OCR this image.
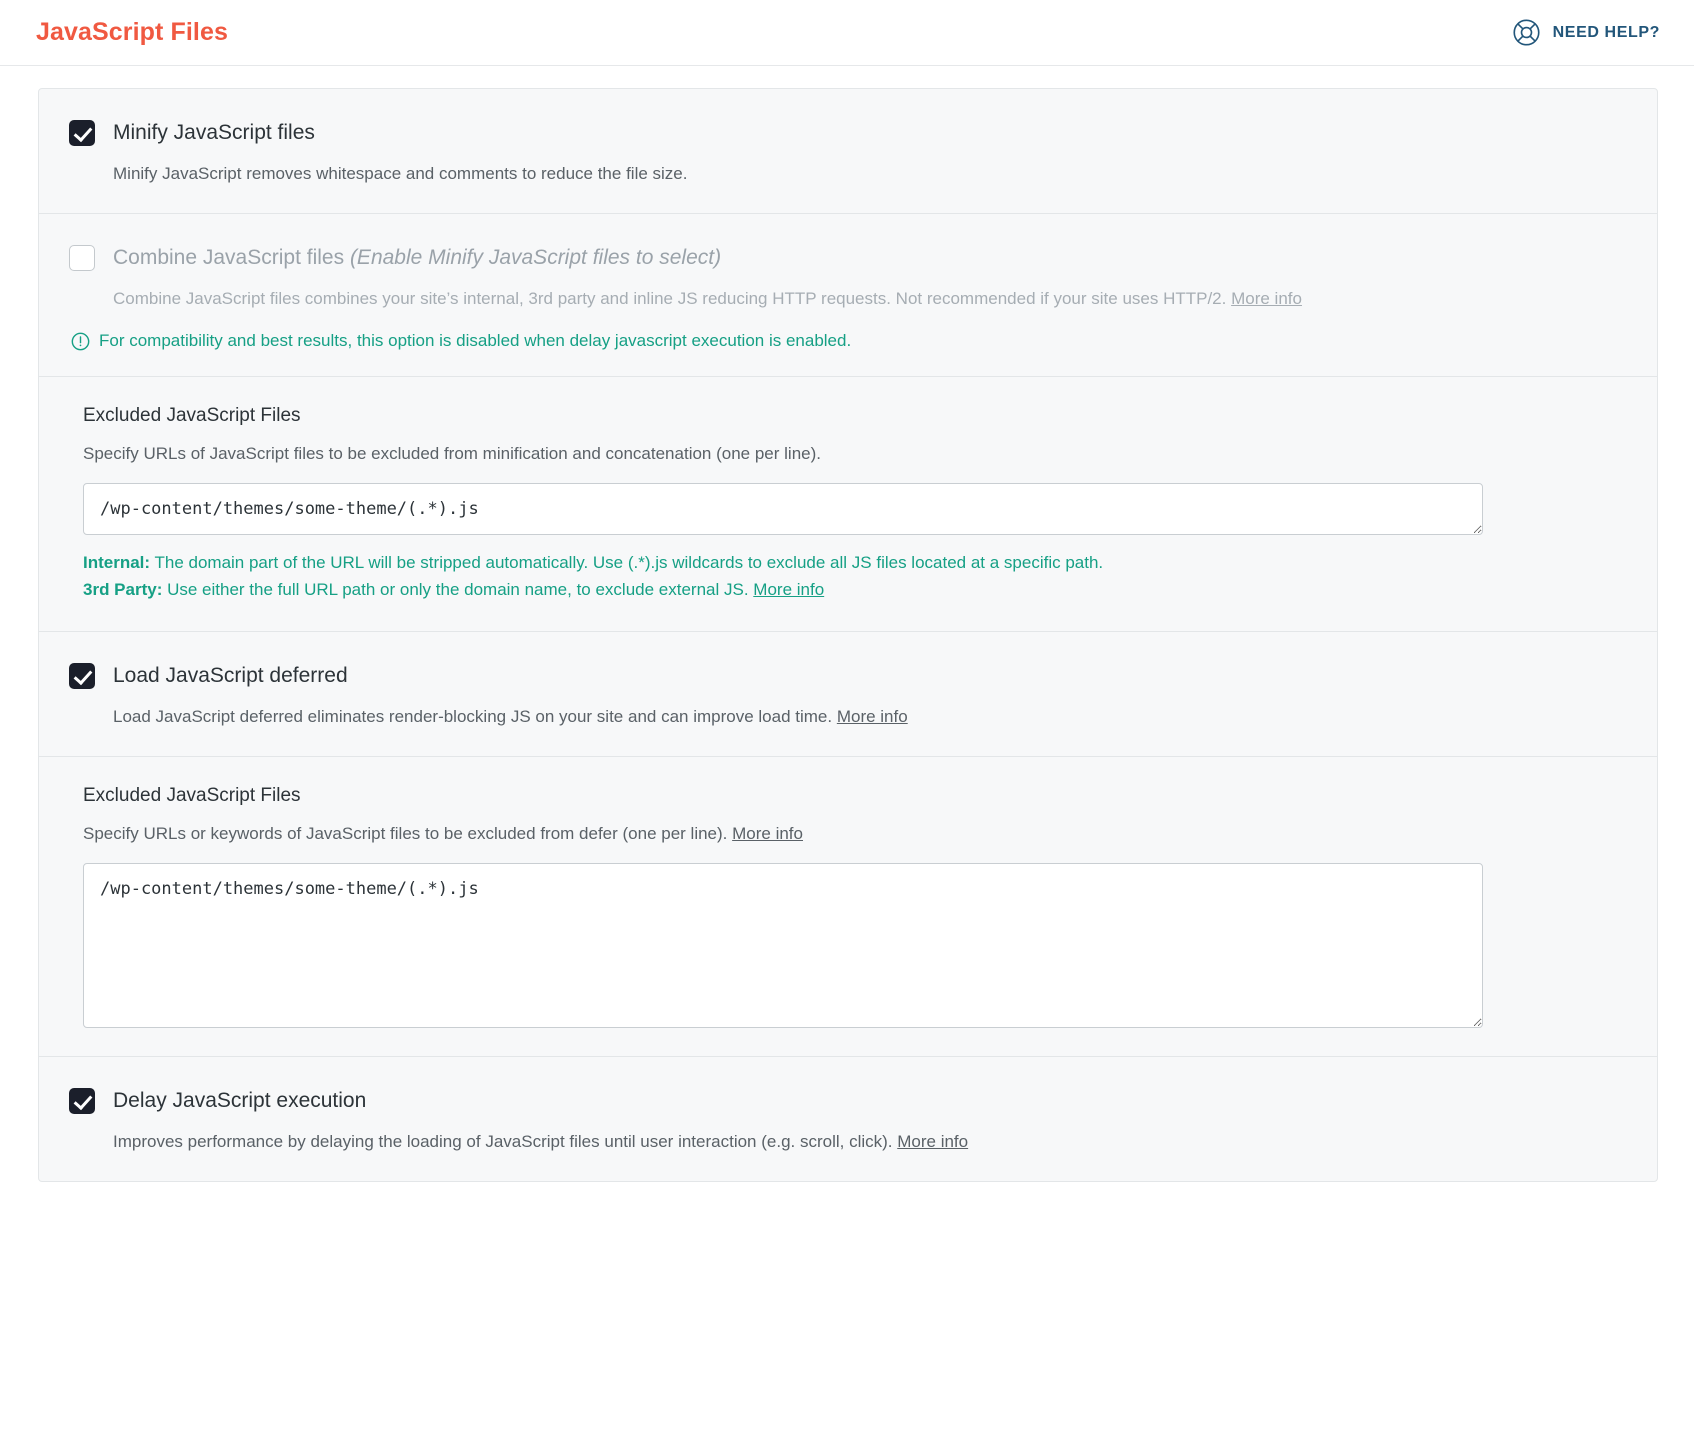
JavaScript Files	NEED HELP?
Minify JavaScript files
Minify JavaScript removes whitespace and comments to reduce the file size.
Combine JavaScript files (Enable Minify JavaScript files to select)
Combine JavaScript files combines your site’s internal, 3rd party and inline JS reducing HTTP requests. Not recommended if your site uses HTTP/2. More info
For compatibility and best results, this option is disabled when delay javascript execution is enabled.
Excluded JavaScript Files
Specify URLs of JavaScript files to be excluded from minification and concatenation (one per line).
/wp-content/themes/some-theme/(.*).js
Internal: The domain part of the URL will be stripped automatically. Use (.*).js wildcards to exclude all JS files located at a specific path.
3rd Party: Use either the full URL path or only the domain name, to exclude external JS. More info
Load JavaScript deferred
Load JavaScript deferred eliminates render-blocking JS on your site and can improve load time. More info
Excluded JavaScript Files
Specify URLs or keywords of JavaScript files to be excluded from defer (one per line). More info
/wp-content/themes/some-theme/(.*).js
Delay JavaScript execution
Improves performance by delaying the loading of JavaScript files until user interaction (e.g. scroll, click). More info
